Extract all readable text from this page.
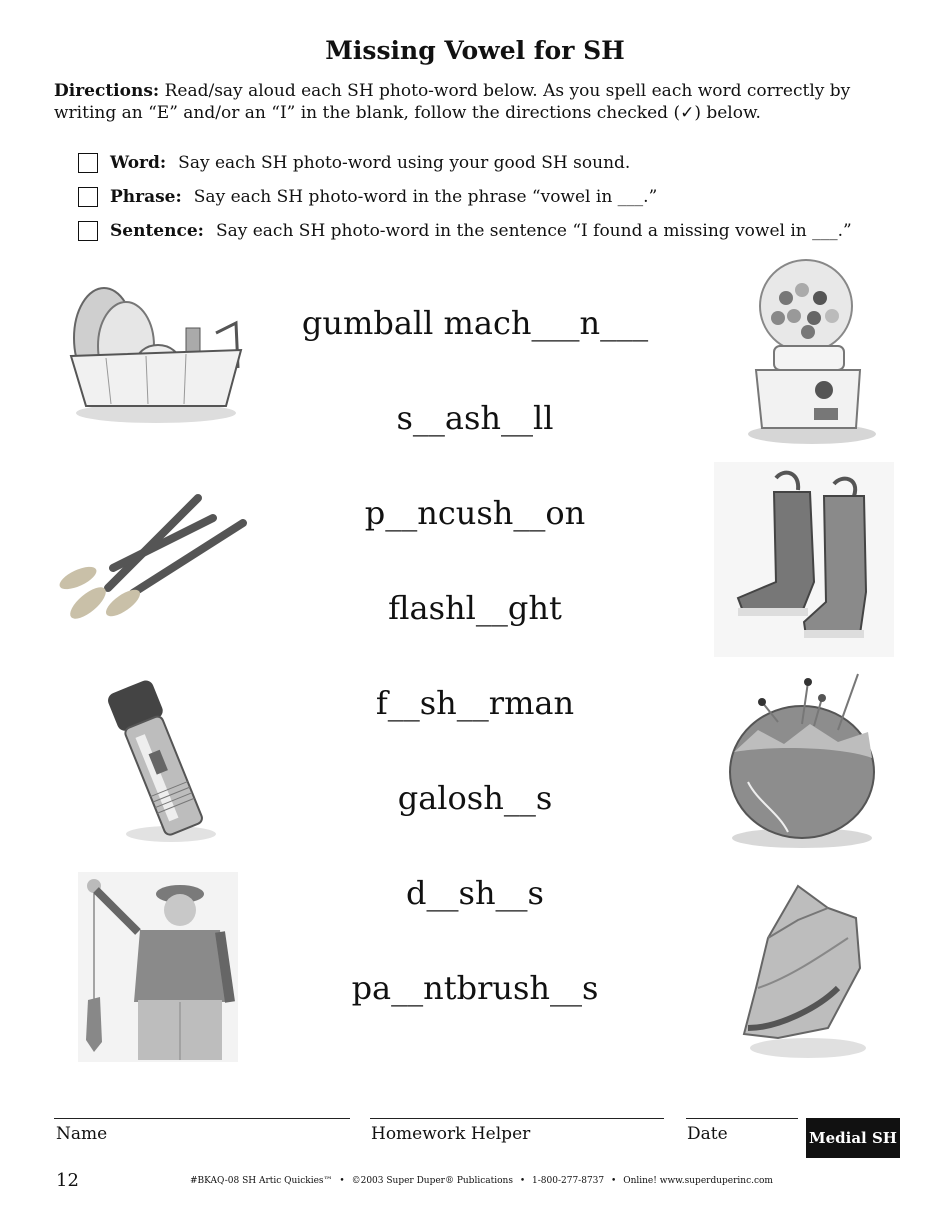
Missing Vowel for SH
Directions: Read/say aloud each SH photo-word below. As you spell each word correctly by writing an “E” and/or an “I” in the blank, follow the directions checked (✓) below.
Word: Say each SH photo-word using your good SH sound.
Phrase: Say each SH photo-word in the phrase “vowel in ___.”
Sentence: Say each SH photo-word in the sentence “I found a missing vowel in ___.”
gumball mach___n___
s__ash__ll
p__ncush__on
flashl__ght
f__sh__rman
galosh__s
d__sh__s
pa__ntbrush__s
Name	Homework Helper	Date	Medial SH
12	#BKAQ-08 SH Artic Quickies™ • ©2003 Super Duper® Publications • 1-800-277-8737 • Online! www.superduperinc.com
